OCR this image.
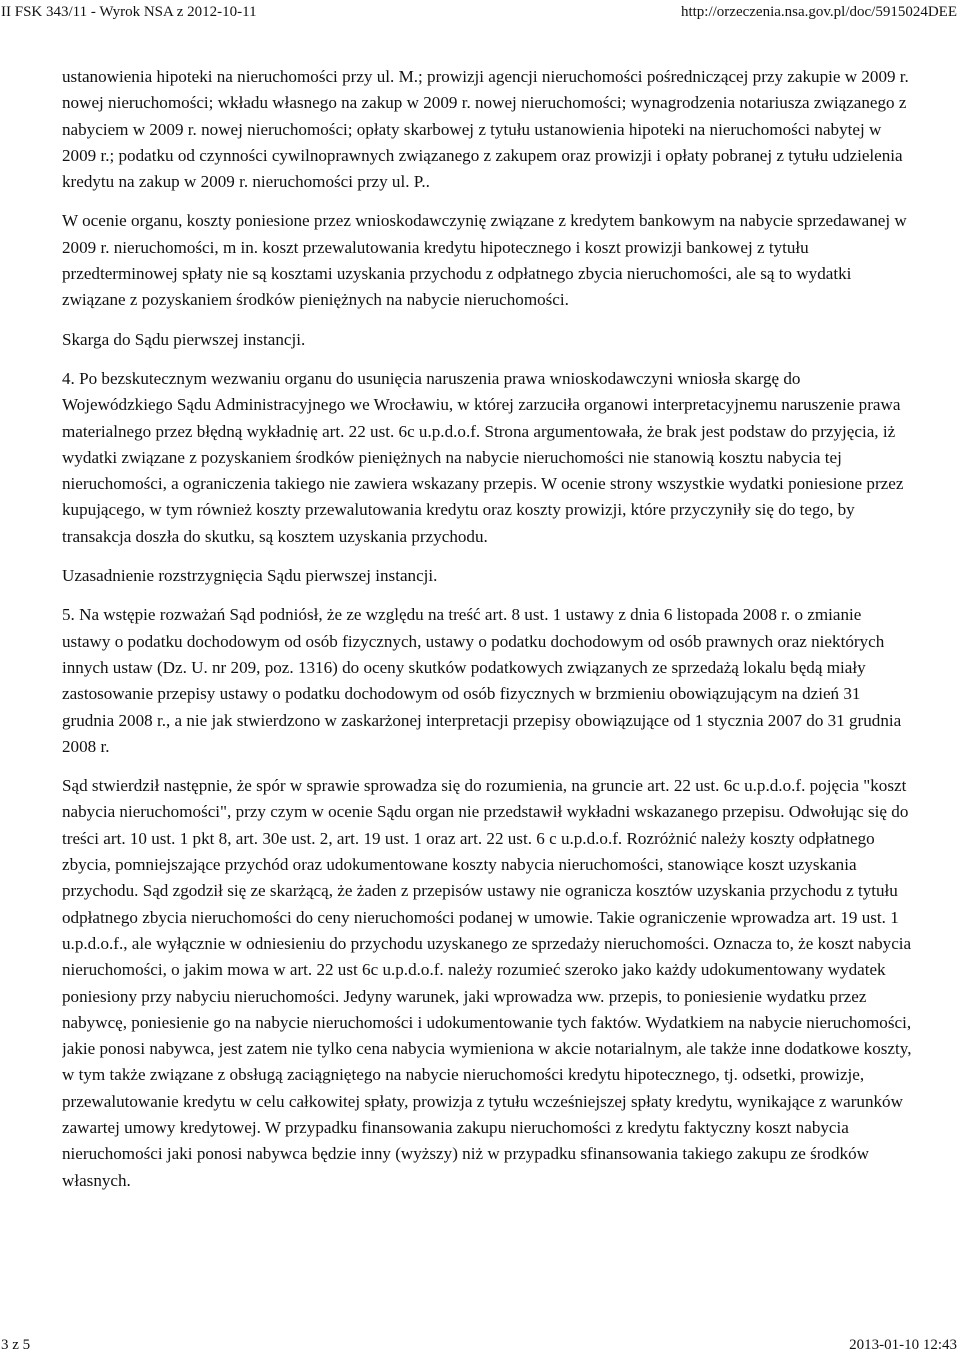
II FSK 343/11 - Wyrok NSA z 2012-10-11	http://orzeczenia.nsa.gov.pl/doc/5915024DEE

ustanowienia hipoteki na nieruchomości przy ul. M.; prowizji agencji nieruchomości pośredniczącej przy zakupie w 2009 r. nowej nieruchomości; wkładu własnego na zakup w 2009 r. nowej nieruchomości; wynagrodzenia notariusza związanego z nabyciem w 2009 r. nowej nieruchomości; opłaty skarbowej z tytułu ustanowienia hipoteki na nieruchomości nabytej w 2009 r.; podatku od czynności cywilnoprawnych związanego z zakupem oraz prowizji i opłaty pobranej z tytułu udzielenia kredytu na zakup w 2009 r. nieruchomości przy ul. P..

W ocenie organu, koszty poniesione przez wnioskodawczynię związane z kredytem bankowym na nabycie sprzedawanej w 2009 r. nieruchomości, m in. koszt przewalutowania kredytu hipotecznego i koszt prowizji bankowej z tytułu przedterminowej spłaty nie są kosztami uzyskania przychodu z odpłatnego zbycia nieruchomości, ale są to wydatki związane z pozyskaniem środków pieniężnych na nabycie nieruchomości.

Skarga do Sądu pierwszej instancji.

4. Po bezskutecznym wezwaniu organu do usunięcia naruszenia prawa wnioskodawczyni wniosła skargę do Wojewódzkiego Sądu Administracyjnego we Wrocławiu, w której zarzuciła organowi interpretacyjnemu naruszenie prawa materialnego przez błędną wykładnię art. 22 ust. 6c u.p.d.o.f. Strona argumentowała, że brak jest podstaw do przyjęcia, iż wydatki związane z pozyskaniem środków pieniężnych na nabycie nieruchomości nie stanowią kosztu nabycia tej nieruchomości, a ograniczenia takiego nie zawiera wskazany przepis. W ocenie strony wszystkie wydatki poniesione przez kupującego, w tym również koszty przewalutowania kredytu oraz koszty prowizji, które przyczyniły się do tego, by transakcja doszła do skutku, są kosztem uzyskania przychodu.

Uzasadnienie rozstrzygnięcia Sądu pierwszej instancji.

5. Na wstępie rozważań Sąd podniósł, że ze względu na treść art. 8 ust. 1 ustawy z dnia 6 listopada 2008 r. o zmianie ustawy o podatku dochodowym od osób fizycznych, ustawy o podatku dochodowym od osób prawnych oraz niektórych innych ustaw (Dz. U. nr 209, poz. 1316) do oceny skutków podatkowych związanych ze sprzedażą lokalu będą miały zastosowanie przepisy ustawy o podatku dochodowym od osób fizycznych w brzmieniu obowiązującym na dzień 31 grudnia 2008 r., a nie jak stwierdzono w zaskarżonej interpretacji przepisy obowiązujące od 1 stycznia 2007 do 31 grudnia 2008 r.

Sąd stwierdził następnie, że spór w sprawie sprowadza się do rozumienia, na gruncie art. 22 ust. 6c u.p.d.o.f. pojęcia "koszt nabycia nieruchomości", przy czym w ocenie Sądu organ nie przedstawił wykładni wskazanego przepisu. Odwołując się do treści art. 10 ust. 1 pkt 8, art. 30e ust. 2, art. 19 ust. 1 oraz art. 22 ust. 6 c u.p.d.o.f. Rozróżnić należy koszty odpłatnego zbycia, pomniejszające przychód oraz udokumentowane koszty nabycia nieruchomości, stanowiące koszt uzyskania przychodu. Sąd zgodził się ze skarżącą, że żaden z przepisów ustawy nie ogranicza kosztów uzyskania przychodu z tytułu odpłatnego zbycia nieruchomości do ceny nieruchomości podanej w umowie. Takie ograniczenie wprowadza art. 19 ust. 1 u.p.d.o.f., ale wyłącznie w odniesieniu do przychodu uzyskanego ze sprzedaży nieruchomości. Oznacza to, że koszt nabycia nieruchomości, o jakim mowa w art. 22 ust 6c u.p.d.o.f. należy rozumieć szeroko jako każdy udokumentowany wydatek poniesiony przy nabyciu nieruchomości. Jedyny warunek, jaki wprowadza ww. przepis, to poniesienie wydatku przez nabywcę, poniesienie go na nabycie nieruchomości i udokumentowanie tych faktów. Wydatkiem na nabycie nieruchomości, jakie ponosi nabywca, jest zatem nie tylko cena nabycia wymieniona w akcie notarialnym, ale także inne dodatkowe koszty, w tym także związane z obsługą zaciągniętego na nabycie nieruchomości kredytu hipotecznego, tj. odsetki, prowizje, przewalutowanie kredytu w celu całkowitej spłaty, prowizja z tytułu wcześniejszej spłaty kredytu, wynikające z warunków zawartej umowy kredytowej. W przypadku finansowania zakupu nieruchomości z kredytu faktyczny koszt nabycia nieruchomości jaki ponosi nabywca będzie inny (wyższy) niż w przypadku sfinansowania takiego zakupu ze środków własnych.

3 z 5	2013-01-10 12:43
